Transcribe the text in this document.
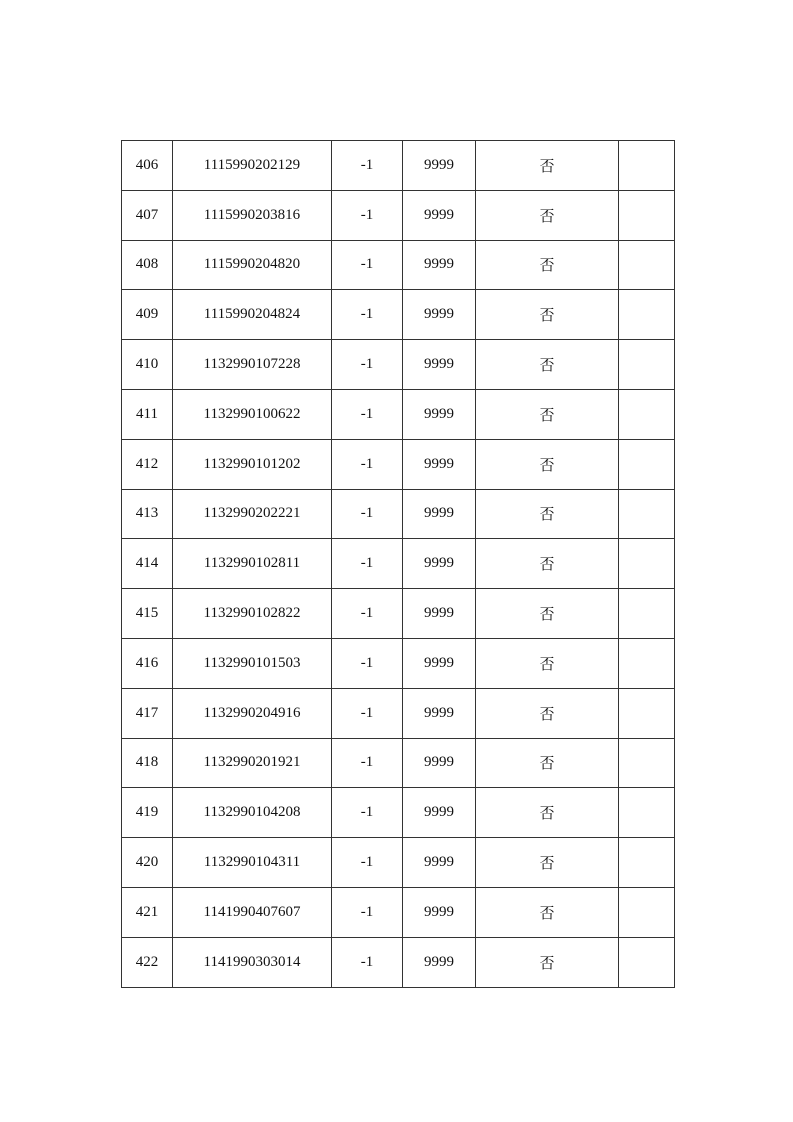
406	1115990202129	-1	9999	否	
407	1115990203816	-1	9999	否	
408	1115990204820	-1	9999	否	
409	1115990204824	-1	9999	否	
410	1132990107228	-1	9999	否	
411	1132990100622	-1	9999	否	
412	1132990101202	-1	9999	否	
413	1132990202221	-1	9999	否	
414	1132990102811	-1	9999	否	
415	1132990102822	-1	9999	否	
416	1132990101503	-1	9999	否	
417	1132990204916	-1	9999	否	
418	1132990201921	-1	9999	否	
419	1132990104208	-1	9999	否	
420	1132990104311	-1	9999	否	
421	1141990407607	-1	9999	否	
422	1141990303014	-1	9999	否	
